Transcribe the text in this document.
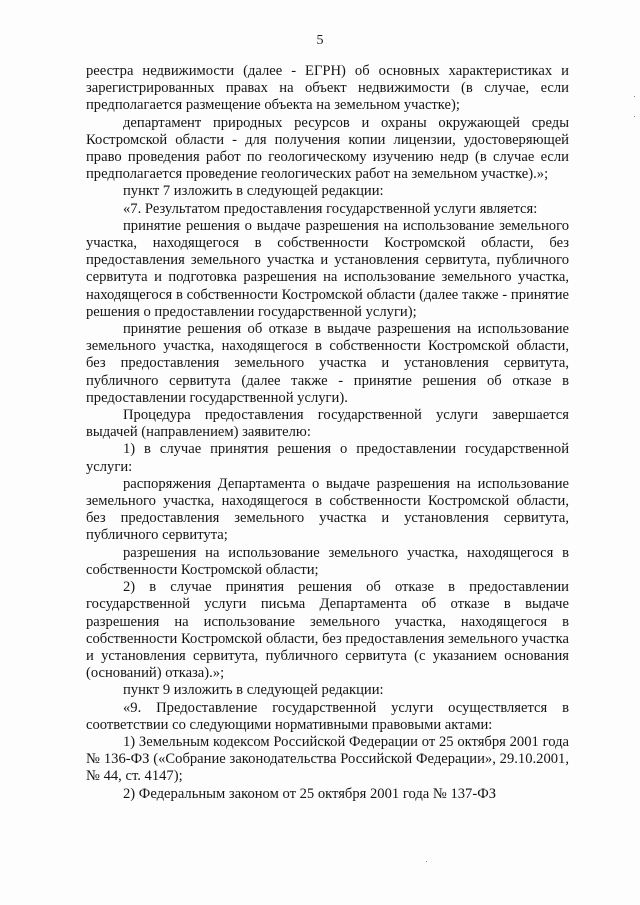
5

реестра недвижимости (далее - ЕГРН) об основных характеристиках и зарегистрированных правах на объект недвижимости (в случае, если предполагается размещение объекта на земельном участке);

департамент природных ресурсов и охраны окружающей среды Костромской области - для получения копии лицензии, удостоверяющей право проведения работ по геологическому изучению недр (в случае если предполагается проведение геологических работ на земельном участке).»;

пункт 7 изложить в следующей редакции:

«7. Результатом предоставления государственной услуги является:

принятие решения о выдаче разрешения на использование земельного участка, находящегося в собственности Костромской области, без предоставления земельного участка и установления сервитута, публичного сервитута и подготовка разрешения на использование земельного участка, находящегося в собственности Костромской области (далее также - принятие решения о предоставлении государственной услуги);

принятие решения об отказе в выдаче разрешения на использование земельного участка, находящегося в собственности Костромской области, без предоставления земельного участка и установления сервитута, публичного сервитута (далее также - принятие решения об отказе в предоставлении государственной услуги).

Процедура предоставления государственной услуги завершается выдачей (направлением) заявителю:

1) в случае принятия решения о предоставлении государственной услуги:

распоряжения Департамента о выдаче разрешения на использование земельного участка, находящегося в собственности Костромской области, без предоставления земельного участка и установления сервитута, публичного сервитута;

разрешения на использование земельного участка, находящегося в собственности Костромской области;

2) в случае принятия решения об отказе в предоставлении государственной услуги письма Департамента об отказе в выдаче разрешения на использование земельного участка, находящегося в собственности Костромской области, без предоставления земельного участка и установления сервитута, публичного сервитута (с указанием основания (оснований) отказа).»;

пункт 9 изложить в следующей редакции:

«9. Предоставление государственной услуги осуществляется в соответствии со следующими нормативными правовыми актами:

1) Земельным кодексом Российской Федерации от 25 октября 2001 года № 136-ФЗ («Собрание законодательства Российской Федерации», 29.10.2001, № 44, ст. 4147);

2) Федеральным законом от 25 октября 2001 года № 137-ФЗ
